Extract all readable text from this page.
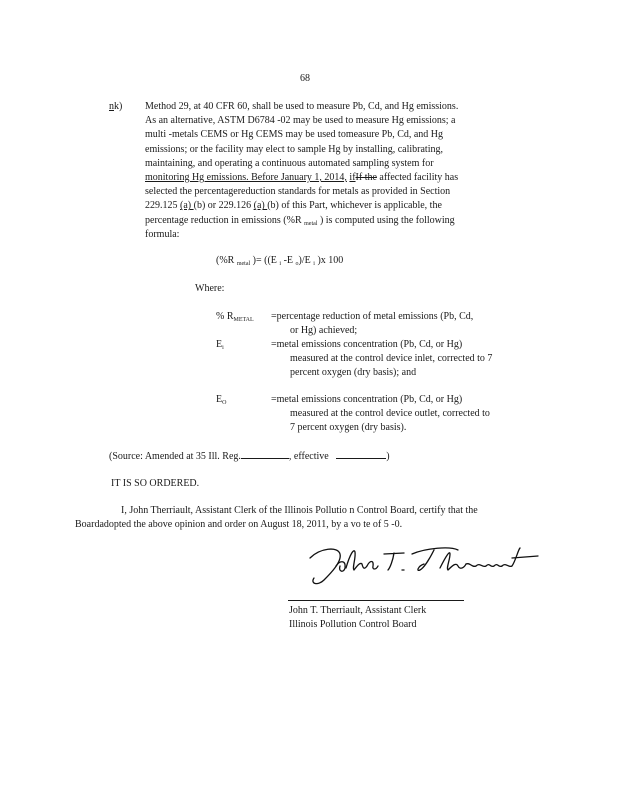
68
nk) Method 29, at 40 CFR 60, shall be used to measure Pb, Cd, and Hg emissions.
As an alternative, ASTM D6784 -02 may be used to measure Hg emissions; a
multi -metals CEMS or Hg CEMS may be used tomeasure Pb, Cd, and Hg
emissions; or the facility may elect to sample Hg by installing, calibrating,
maintaining, and operating a continuous automated sampling system for
monitoring Hg emissions. Before January 1, 2014, ifIf the affected facility has
selected the percentagereduction standards for metals as provided in Section
229.125 (a) (b) or 229.126 (a) (b) of this Part, whichever is applicable, the
percentage reduction in emissions (%R $_{metal}$ ) is computed using the following
formula:
(%R $_{metal}$ )= ((E $_i$ -E $_o$)/E $_i$ )x 100
Where:
% $R_{METAL}$ =percentage reduction of metal emissions (Pb, Cd,
or Hg) achieved;
$E_i$	=metal emissions concentration (Pb, Cd, or Hg)
measured at the control device inlet, corrected to 7
percent oxygen (dry basis); and
$E_O$	=metal emissions concentration (Pb, Cd, or Hg)
measured at the control device outlet, corrected to
7 percent oxygen (dry basis).
(Source: Amended at 35 Ill. Reg.	, effective	)
IT IS SO ORDERED.
I, John Therriault, Assistant Clerk of the Illinois Pollutio n Control Board, certify that the
Boardadopted the above opinion and order on August 18, 2011, by a vo te of 5 -0.
John T. Therriault, Assistant Clerk
Illinois Pollution Control Board
